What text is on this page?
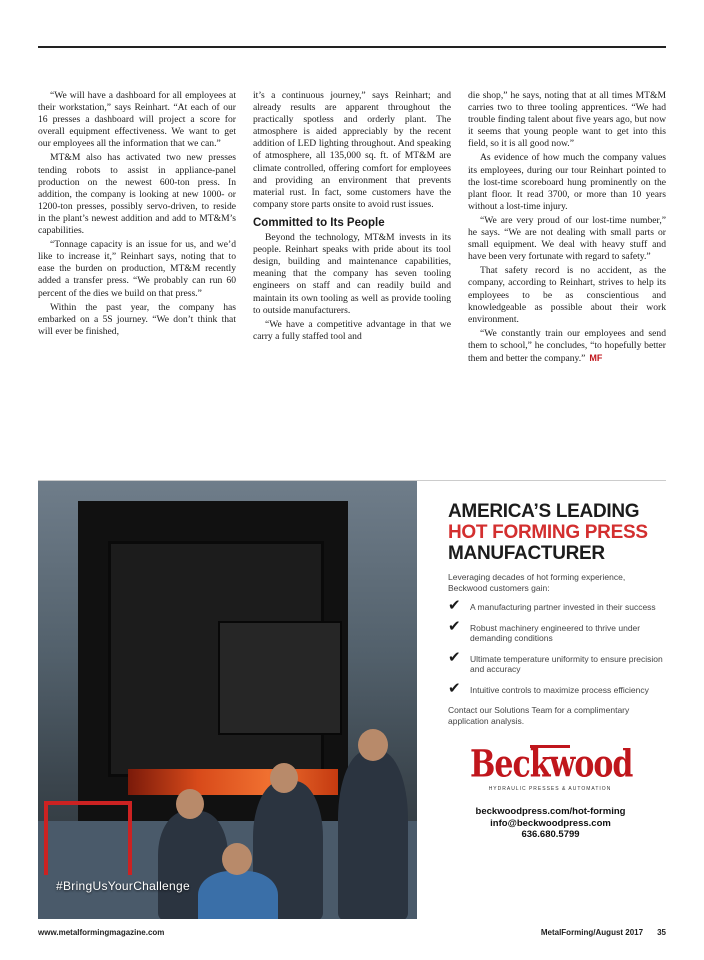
“We will have a dashboard for all employees at their workstation,” says Reinhart. “At each of our 16 presses a dashboard will project a score for overall equipment effectiveness. We want to get our employees all the information that we can.”

MT&M also has activated two new presses tending robots to assist in appliance-panel production on the newest 600-ton press. In addition, the company is looking at new 1000- or 1200-ton presses, possibly servo-driven, to reside in the plant’s newest addition and add to MT&M’s capabilities.

“Tonnage capacity is an issue for us, and we’d like to increase it,” Reinhart says, noting that to ease the burden on production, MT&M recently added a transfer press. “We probably can run 60 percent of the dies we build on that press.”

Within the past year, the company has embarked on a 5S journey. “We don’t think that will ever be finished,

it’s a continuous journey,” says Reinhart; and already results are apparent throughout the practically spotless and orderly plant. The atmosphere is aided appreciably by the recent addition of LED lighting throughout. And speaking of atmosphere, all 135,000 sq. ft. of MT&M are climate controlled, offering comfort for employees and providing an environment that prevents material rust. In fact, some customers have the company store parts onsite to avoid rust issues.

Committed to Its People

Beyond the technology, MT&M invests in its people. Reinhart speaks with pride about its tool design, building and maintenance capabilities, meaning that the company has seven tooling engineers on staff and can readily build and maintain its own tooling as well as provide tooling to outside manufacturers.

“We have a competitive advantage in that we carry a fully staffed tool and

die shop,” he says, noting that at all times MT&M carries two to three tooling apprentices. “We had trouble finding talent about five years ago, but now it seems that young people want to get into this field, so it is all good now.”

As evidence of how much the company values its employees, during our tour Reinhart pointed to the lost-time scoreboard hung prominently on the plant floor. It read 3700, or more than 10 years without a lost-time injury.

“We are very proud of our lost-time number,” he says. “We are not dealing with small parts or small equipment. We deal with heavy stuff and have been very fortunate with regard to safety.”

That safety record is no accident, as the company, according to Reinhart, strives to help its employees to be as conscientious and knowledgeable as possible about their work environment.

“We constantly train our employees and send them to school,” he concludes, “to hopefully better them and better the company.” MF

#BringUsYourChallenge
AMERICA’S LEADING
HOT FORMING PRESS
MANUFACTURER
Leveraging decades of hot forming experience, Beckwood customers gain:
✔ A manufacturing partner invested in their success
✔ Robust machinery engineered to thrive under demanding conditions
✔ Ultimate temperature uniformity to ensure precision and accuracy
✔ Intuitive controls to maximize process efficiency
Contact our Solutions Team for a complimentary application analysis.
Beckwood
HYDRAULIC PRESSES & AUTOMATION
beckwoodpress.com/hot-forming
info@beckwoodpress.com
636.680.5799
www.metalformingmagazine.com	MetalForming/August 2017 35
